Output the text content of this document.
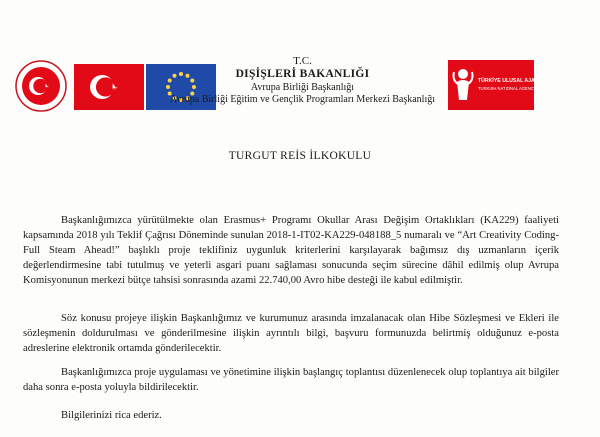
T.C.
DIŞİŞLERİ BAKANLIĞI
Avrupa Birliği Başkanlığı
Avrupa Birliği Eğitim ve Gençlik Programları Merkezi Başkanlığı
TÜRKİYE ULUSAL AJANSI
TURKISH NATIONAL AGENCY
TURGUT REİS İLKOKULU

Başkanlığımızca yürütülmekte olan Erasmus+ Programı Okullar Arası Değişim Ortaklıkları (KA229) faaliyeti kapsamında 2018 yılı Teklif Çağrısı Döneminde sunulan 2018-1-IT02-KA229-048188_5 numaralı ve “Art Creativity Coding- Full Steam Ahead!” başlıklı proje teklifiniz uygunluk kriterlerini karşılayarak bağımsız dış uzmanların içerik değerlendirmesine tabi tutulmuş ve yeterli asgari puanı sağlaması sonucunda seçim sürecine dâhil edilmiş olup Avrupa Komisyonunun merkezi bütçe tahsisi sonrasında azami 22.740,00 Avro hibe desteği ile kabul edilmiştir.

Söz konusu projeye ilişkin Başkanlığımız ve kurumunuz arasında imzalanacak olan Hibe Sözleşmesi ve Ekleri ile sözleşmenin doldurulması ve gönderilmesine ilişkin ayrıntılı bilgi, başvuru formunuzda belirtmiş olduğunuz e-posta adreslerine elektronik ortamda gönderilecektir.

Başkanlığımızca proje uygulaması ve yönetimine ilişkin başlangıç toplantısı düzenlenecek olup toplantıya ait bilgiler daha sonra e-posta yoluyla bildirilecektir.

Bilgilerinizi rica ederiz.
